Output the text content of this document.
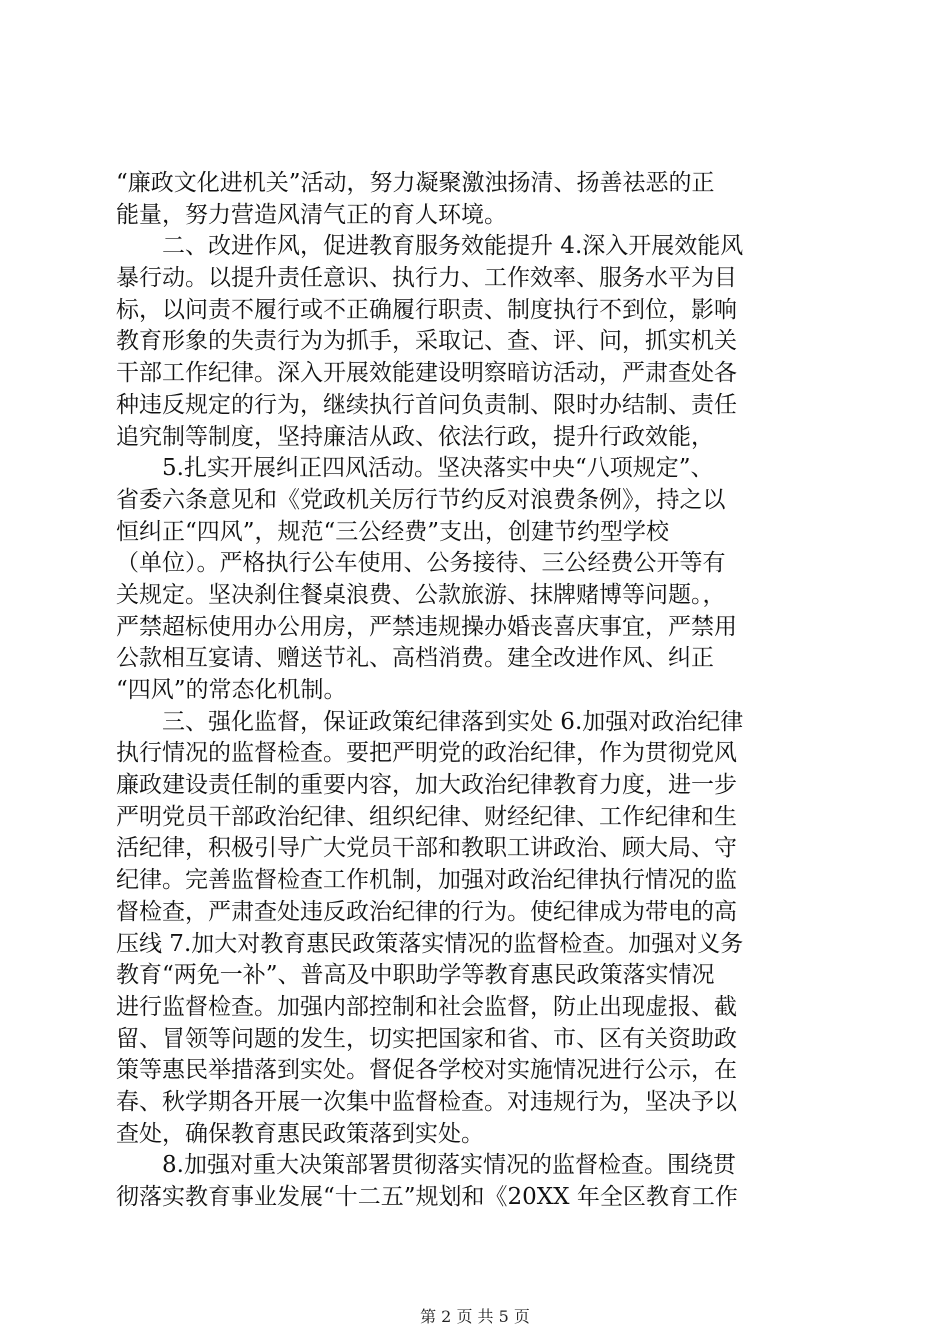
“廉政文化进机关”活动，努力凝聚激浊扬清、扬善祛恶的正
能量，努力营造风清气正的育人环境。
　　二、改进作风，促进教育服务效能提升 4.深入开展效能风
暴行动。以提升责任意识、执行力、工作效率、服务水平为目
标，以问责不履行或不正确履行职责、制度执行不到位，影响
教育形象的失责行为为抓手，采取记、查、评、问，抓实机关
干部工作纪律。深入开展效能建设明察暗访活动，严肃查处各
种违反规定的行为，继续执行首问负责制、限时办结制、责任
追究制等制度，坚持廉洁从政、依法行政，提升行政效能，
　　5.扎实开展纠正四风活动。坚决落实中央“八项规定”、
省委六条意见和《党政机关厉行节约反对浪费条例》，持之以
恒纠正“四风”，规范“三公经费”支出，创建节约型学校
（单位）。严格执行公车使用、公务接待、三公经费公开等有
关规定。坚决刹住餐桌浪费、公款旅游、抹牌赌博等问题。，
严禁超标使用办公用房，严禁违规操办婚丧喜庆事宜，严禁用
公款相互宴请、赠送节礼、高档消费。建全改进作风、纠正
“四风”的常态化机制。
　　三、强化监督，保证政策纪律落到实处 6.加强对政治纪律
执行情况的监督检查。要把严明党的政治纪律，作为贯彻党风
廉政建设责任制的重要内容，加大政治纪律教育力度，进一步
严明党员干部政治纪律、组织纪律、财经纪律、工作纪律和生
活纪律，积极引导广大党员干部和教职工讲政治、顾大局、守
纪律。完善监督检查工作机制，加强对政治纪律执行情况的监
督检查，严肃查处违反政治纪律的行为。使纪律成为带电的高
压线 7.加大对教育惠民政策落实情况的监督检查。加强对义务
教育“两免一补”、普高及中职助学等教育惠民政策落实情况
进行监督检查。加强内部控制和社会监督，防止出现虚报、截
留、冒领等问题的发生，切实把国家和省、市、区有关资助政
策等惠民举措落到实处。督促各学校对实施情况进行公示，在
春、秋学期各开展一次集中监督检查。对违规行为，坚决予以
查处，确保教育惠民政策落到实处。
　　8.加强对重大决策部署贯彻落实情况的监督检查。围绕贯
彻落实教育事业发展“十二五”规划和《20XX 年全区教育工作
第 2 页 共 5 页
